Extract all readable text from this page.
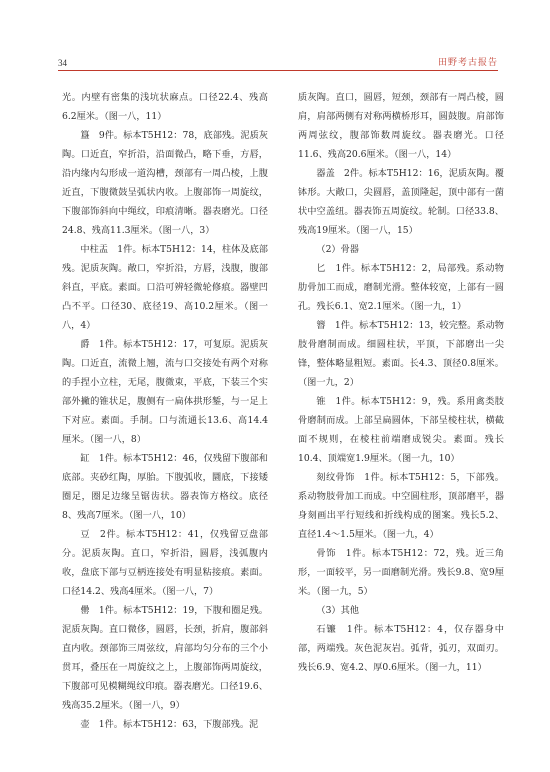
34	田野考古报告

光。内壁有密集的浅坑状麻点。口径22.4、残高6.2厘米。（图一八，11）

簋　9件。标本T5H12：78，底部残。泥质灰陶。口近直，窄折沿，沿面微凸，略下垂，方唇，沿内缘内勾形成一道沟槽，颈部有一周凸棱，上腹近直，下腹微鼓呈弧状内收。上腹部饰一周旋纹，下腹部饰斜向中绳纹，印痕清晰。器表磨光。口径24.8、残高11.3厘米。（图一八，3）

中柱盂　1件。标本T5H12：14，柱体及底部残。泥质灰陶。敞口，窄折沿，方唇，浅腹，腹部斜直，平底。素面。口沿可辨轻微轮修痕。器壁凹凸不平。口径30、底径19、高10.2厘米。（图一八，4）

爵　1件。标本T5H12：17，可复原。泥质灰陶。口近直，流微上翘，流与口交接处有两个对称的手捏小立柱，无尾，腹微束，平底，下装三个实部外撇的锥状足，腹侧有一扁体拱形錾，与一足上下对应。素面。手制。口与流通长13.6、高14.4厘米。（图一八，8）

缸　1件。标本T5H12：46，仅残留下腹部和底部。夹砂红陶，厚胎。下腹弧收，圜底，下接矮圈足，圈足边缘呈锯齿状。器表饰方格纹。底径8、残高7厘米。（图一八，10）

豆　2件。标本T5H12：41，仅残留豆盘部分。泥质灰陶。直口，窄折沿，圆唇，浅弧腹内收，盘底下部与豆柄连接处有明显粘接痕。素面。口径14.2、残高4厘米。（图一八，7）

罍　1件。标本T5H12：19，下腹和圈足残。泥质灰陶。直口微侈，圆唇，长颈，折肩，腹部斜直内收。颈部饰三周弦纹，肩部均匀分布的三个小贯耳，叠压在一周旋纹之上，上腹部饰两周旋纹，下腹部可见模糊绳纹印痕。器表磨光。口径19.6、残高35.2厘米。（图一八，9）

壶　1件。标本T5H12：63，下腹部残。泥

质灰陶。直口，圆唇，短颈，颈部有一周凸棱，圆肩，肩部两侧有对称两横桥形耳，圆鼓腹。肩部饰两周弦纹，腹部饰数周旋纹。器表磨光。口径11.6、残高20.6厘米。（图一八，14）

器盖　2件。标本T5H12：16，泥质灰陶。覆钵形。大敞口，尖圆唇，盖顶隆起，顶中部有一菌状中空盖纽。器表饰五周旋纹。轮制。口径33.8、残高19厘米。（图一八，15）

（2）骨器

匕　1件。标本T5H12：2，局部残。系动物肋骨加工而成，磨制光滑。整体较宽，上部有一圆孔。残长6.1、宽2.1厘米。（图一九，1）

簪　1件。标本T5H12：13，较完整。系动物肢骨磨制而成。细圆柱状，平顶，下部磨出一尖锋，整体略显粗短。素面。长4.3、顶径0.8厘米。（图一九，2）

锥　1件。标本T5H12：9，残。系用禽类肢骨磨制而成。上部呈扁圆体，下部呈棱柱状，横截面不规则，在棱柱前端磨成锐尖。素面。残长10.4、顶端宽1.9厘米。（图一九，10）

刻纹骨饰　1件。标本T5H12：5，下部残。系动物肢骨加工而成。中空圆柱形，顶部磨平，器身刻画出平行短线和折线构成的图案。残长5.2、直径1.4～1.5厘米。（图一九，4）

骨饰　1件。标本T5H12：72，残。近三角形，一面较平，另一面磨制光滑。残长9.8、宽9厘米。（图一九，5）

（3）其他

石镰　1件。标本T5H12：4，仅存器身中部，两端残。灰色泥灰岩。弧背，弧刃，双面刃。残长6.9、宽4.2、厚0.6厘米。（图一九，11）
